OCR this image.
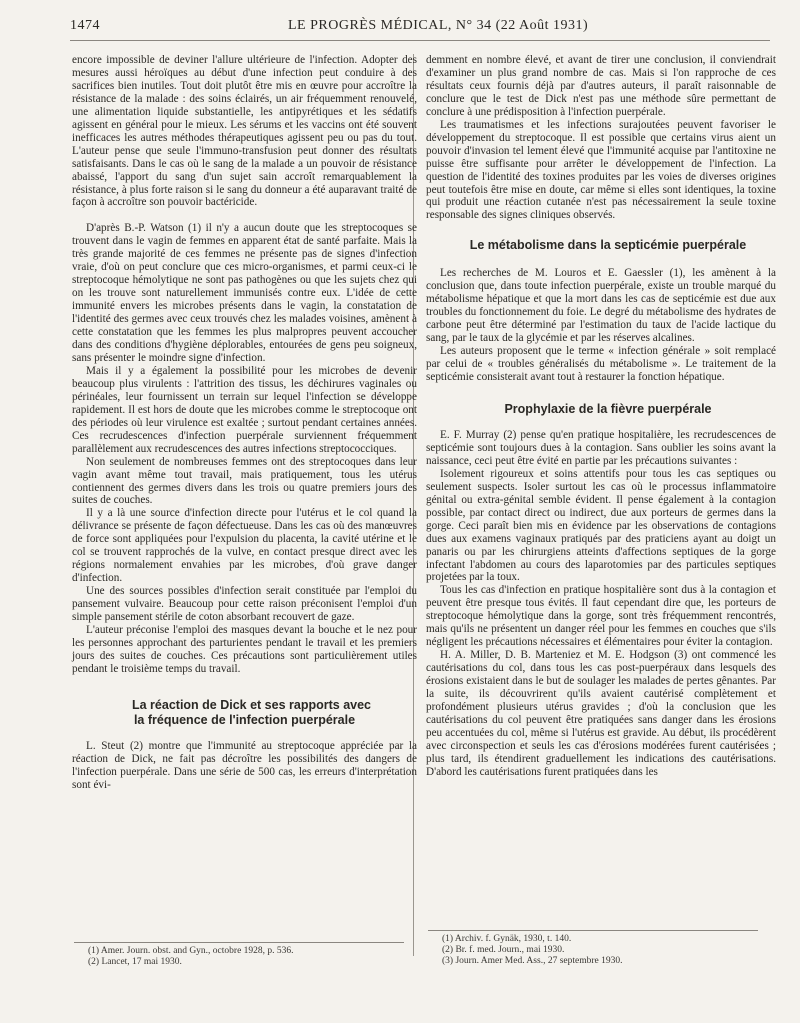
1474	LE PROGRÈS MÉDICAL, N° 34 (22 Août 1931)

encore impossible de deviner l'allure ultérieure de l'infection. Adopter des mesures aussi héroïques au début d'une infection peut conduire à des sacrifices bien inutiles. Tout doit plutôt être mis en œuvre pour accroître la résistance de la malade : des soins éclairés, un air fréquemment renouvelé, une alimentation liquide substantielle, les antipyrétiques et les sédatifs agissent en général pour le mieux. Les sérums et les vaccins ont été souvent inefficaces les autres méthodes thérapeutiques agissent peu ou pas du tout. L'auteur pense que seule l'immuno-transfusion peut donner des résultats satisfaisants. Dans le cas où le sang de la malade a un pouvoir de résistance abaissé, l'apport du sang d'un sujet sain accroît remarquablement la résistance, à plus forte raison si le sang du donneur a été auparavant traité de façon à accroître son pouvoir bactéricide.

D'après B.-P. Watson (1) il n'y a aucun doute que les streptocoques se trouvent dans le vagin de femmes en apparent état de santé parfaite. Mais la très grande majorité de ces femmes ne présente pas de signes d'infection vraie, d'où on peut conclure que ces micro-organismes, et parmi ceux-ci le streptocoque hémolytique ne sont pas pathogènes ou que les sujets chez qui on les trouve sont naturellement immunisés contre eux. L'idée de cette immunité envers les microbes présents dans le vagin, la constatation de l'identité des germes avec ceux trouvés chez les malades voisines, amènent à cette constatation que les femmes les plus malpropres peuvent accoucher dans des conditions d'hygiène déplorables, entourées de gens peu soigneux, sans présenter le moindre signe d'infection.

Mais il y a également la possibilité pour les microbes de devenir beaucoup plus virulents : l'attrition des tissus, les déchirures vaginales ou périnéales, leur fournissent un terrain sur lequel l'infection se développe rapidement. Il est hors de doute que les microbes comme le streptocoque ont des périodes où leur virulence est exaltée ; surtout pendant certaines années. Ces recrudescences d'infection puerpérale surviennent fréquemment parallèlement aux recrudescences des autres infections streptococciques.

Non seulement de nombreuses femmes ont des streptocoques dans leur vagin avant même tout travail, mais pratiquement, tous les utérus contiennent des germes divers dans les trois ou quatre premiers jours des suites de couches.

Il y a là une source d'infection directe pour l'utérus et le col quand la délivrance se présente de façon défectueuse. Dans les cas où des manœuvres de force sont appliquées pour l'expulsion du placenta, la cavité utérine et le col se trouvent rapprochés de la vulve, en contact presque direct avec les régions normalement envahies par les microbes, d'où grave danger d'infection.

Une des sources possibles d'infection serait constituée par l'emploi du pansement vulvaire. Beaucoup pour cette raison préconisent l'emploi d'un simple pansement stérile de coton absorbant recouvert de gaze.

L'auteur préconise l'emploi des masques devant la bouche et le nez pour les personnes approchant des parturientes pendant le travail et les premiers jours des suites de couches. Ces précautions sont particulièrement utiles pendant le troisième temps du travail.

La réaction de Dick et ses rapports avec
la fréquence de l'infection puerpérale

L. Steut (2) montre que l'immunité au streptocoque appréciée par la réaction de Dick, ne fait pas décroître les possibilités des dangers de l'infection puerpérale. Dans une série de 500 cas, les erreurs d'interprétation sont évi-

(1) Amer. Journ. obst. and Gyn., octobre 1928, p. 536.
(2) Lancet, 17 mai 1930.

demment en nombre élevé, et avant de tirer une conclusion, il conviendrait d'examiner un plus grand nombre de cas. Mais si l'on rapproche de ces résultats ceux fournis déjà par d'autres auteurs, il paraît raisonnable de conclure que le test de Dick n'est pas une méthode sûre permettant de conclure à une prédisposition à l'infection puerpérale.

Les traumatismes et les infections surajoutées peuvent favoriser le développement du streptocoque. Il est possible que certains virus aient un pouvoir d'invasion tel lement élevé que l'immunité acquise par l'antitoxine ne puisse être suffisante pour arrêter le développement de l'infection. La question de l'identité des toxines produites par les voies de diverses origines peut toutefois être mise en doute, car même si elles sont identiques, la toxine qui produit une réaction cutanée n'est pas nécessairement la seule toxine responsable des signes cliniques observés.

Le métabolisme dans la septicémie puerpérale

Les recherches de M. Louros et E. Gaessler (1), les amènent à la conclusion que, dans toute infection puerpérale, existe un trouble marqué du métabolisme hépatique et que la mort dans les cas de septicémie est due aux troubles du fonctionnement du foie. Le degré du métabolisme des hydrates de carbone peut être déterminé par l'estimation du taux de l'acide lactique du sang, par le taux de la glycémie et par les réserves alcalines.

Les auteurs proposent que le terme « infection générale » soit remplacé par celui de « troubles généralisés du métabolisme ». Le traitement de la septicémie consisterait avant tout à restaurer la fonction hépatique.

Prophylaxie de la fièvre puerpérale

E. F. Murray (2) pense qu'en pratique hospitalière, les recrudescences de septicémie sont toujours dues à la contagion. Sans oublier les soins avant la naissance, ceci peut être évité en partie par les précautions suivantes :

Isolement rigoureux et soins attentifs pour tous les cas septiques ou seulement suspects. Isoler surtout les cas où le processus inflammatoire génital ou extra-génital semble évident. Il pense également à la contagion possible, par contact direct ou indirect, due aux porteurs de germes dans la gorge. Ceci paraît bien mis en évidence par les observations de contagions dues aux examens vaginaux pratiqués par des praticiens ayant au doigt un panaris ou par les chirurgiens atteints d'affections septiques de la gorge infectant l'abdomen au cours des laparotomies par des particules septiques projetées par la toux.

Tous les cas d'infection en pratique hospitalière sont dus à la contagion et peuvent être presque tous évités. Il faut cependant dire que, les porteurs de streptocoque hémolytique dans la gorge, sont très fréquemment rencontrés, mais qu'ils ne présentent un danger réel pour les femmes en couches que s'ils négligent les précautions nécessaires et élémentaires pour éviter la contagion.

H. A. Miller, D. B. Marteniez et M. E. Hodgson (3) ont commencé les cautérisations du col, dans tous les cas post-puerpéraux dans lesquels des érosions existaient dans le but de soulager les malades de pertes gênantes. Par la suite, ils découvrirent qu'ils avaient cautérisé complètement et profondément plusieurs utérus gravides ; d'où la conclusion que les cautérisations du col peuvent être pratiquées sans danger dans les érosions peu accentuées du col, même si l'utérus est gravide. Au début, ils procédèrent avec circonspection et seuls les cas d'érosions modérées furent cautérisées ; plus tard, ils étendirent graduellement les indications des cautérisations. D'abord les cautérisations furent pratiquées dans les

(1) Archiv. f. Gynäk, 1930, t. 140.
(2) Br. f. med. Journ., mai 1930.
(3) Journ. Amer Med. Ass., 27 septembre 1930.
